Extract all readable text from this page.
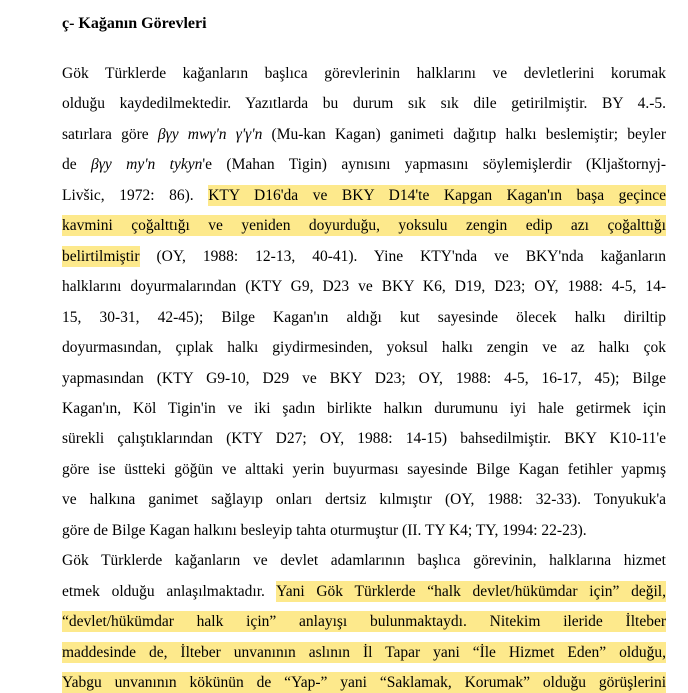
ç- Kağanın Görevleri
Gök Türklerde kağanların başlıca görevlerinin halklarını ve devletlerini korumak
olduğu kaydedilmektedir. Yazıtlarda bu durum sık sık dile getirilmiştir. BY 4.-5.
satırlara göre βγy mwγ'n γ'γ'n (Mu-kan Kagan) ganimeti dağıtıp halkı beslemiştir; beyler
de βγy my'n tykyn'e (Mahan Tigin) aynısını yapmasını söylemişlerdir (Kljaštornyj-
Livšic, 1972: 86). KTY D16'da ve BKY D14'te Kapgan Kagan'ın başa geçince
kavmini çoğalttığı ve yeniden doyurduğu, yoksulu zengin edip azı çoğalttığı
belirtilmiştir (OY, 1988: 12-13, 40-41). Yine KTY'nda ve BKY'nda kağanların
halklarını doyurmalarından (KTY G9, D23 ve BKY K6, D19, D23; OY, 1988: 4-5, 14-
15, 30-31, 42-45); Bilge Kagan'ın aldığı kut sayesinde ölecek halkı diriltip
doyurmasından, çıplak halkı giydirmesinden, yoksul halkı zengin ve az halkı çok
yapmasından (KTY G9-10, D29 ve BKY D23; OY, 1988: 4-5, 16-17, 45); Bilge
Kagan'ın, Köl Tigin'in ve iki şadın birlikte halkın durumunu iyi hale getirmek için
sürekli çalıştıklarından (KTY D27; OY, 1988: 14-15) bahsedilmiştir. BKY K10-11'e
göre ise üstteki göğün ve alttaki yerin buyurması sayesinde Bilge Kagan fetihler yapmış
ve halkına ganimet sağlayıp onları dertsiz kılmıştır (OY, 1988: 32-33). Tonyukuk'a
göre de Bilge Kagan halkını besleyip tahta oturmuştur (II. TY K4; TY, 1994: 22-23).
Gök Türklerde kağanların ve devlet adamlarının başlıca görevinin, halklarına hizmet
etmek olduğu anlaşılmaktadır. Yani Gök Türklerde “halk devlet/hükümdar için” değil,
“devlet/hükümdar halk için” anlayışı bulunmaktaydı. Nitekim ileride İlteber
maddesinde de, İlteber unvanının aslının İl Tapar yani “İle Hizmet Eden” olduğu,
Yabgu unvanının kökünün de “Yap-” yani “Saklamak, Korumak” olduğu görüşlerini
